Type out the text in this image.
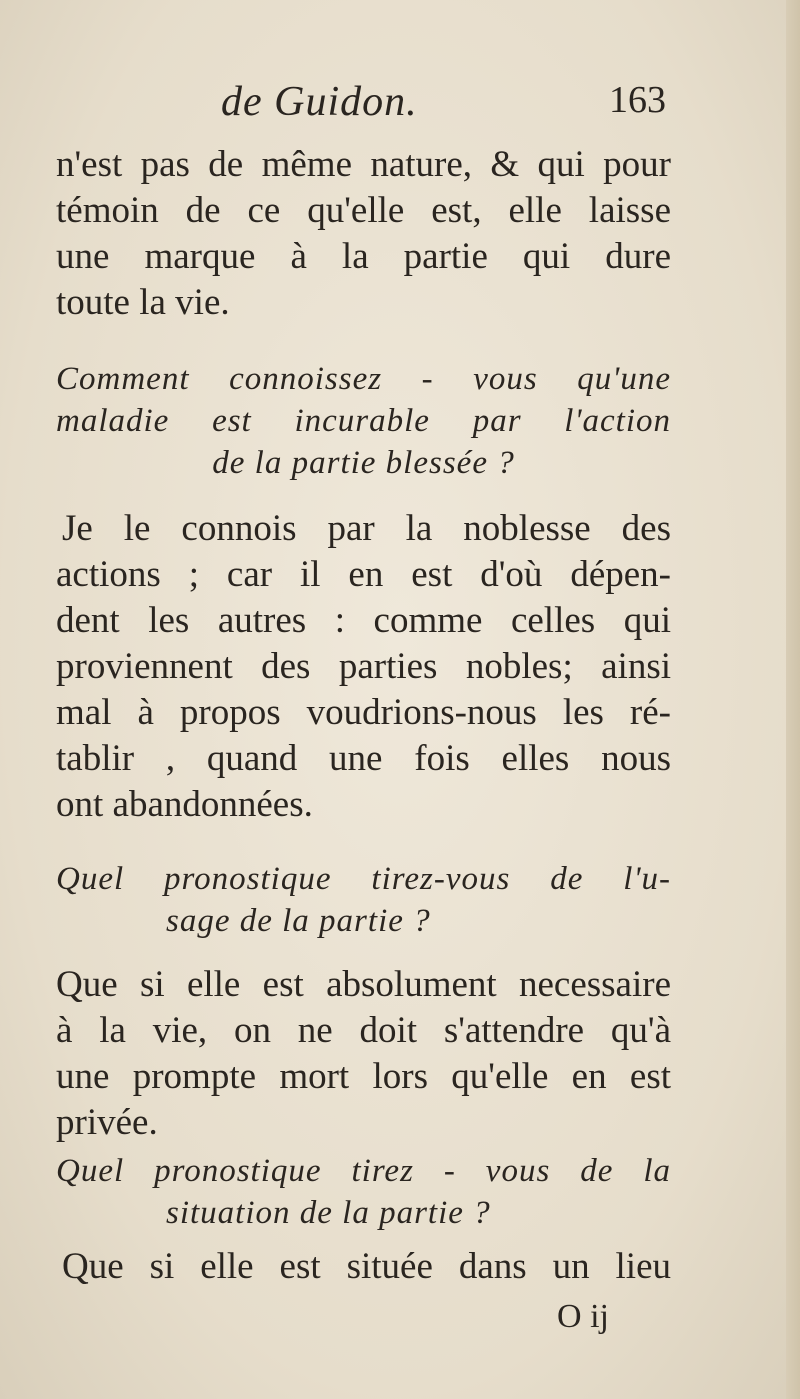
de Guidon.	163
n'est pas de même nature, & qui pour
témoin de ce qu'elle est, elle laisse
une marque à la partie qui dure
toute la vie.
Comment connoissez - vous qu'une
maladie est incurable par l'action
de la partie blessée ?
Je le connois par la noblesse des
actions ; car il en est d'où dépen-
dent les autres : comme celles qui
proviennent des parties nobles; ainsi
mal à propos voudrions-nous les ré-
tablir , quand une fois elles nous
ont abandonnées.
Quel pronostique tirez-vous de l'u-
sage de la partie ?
Que si elle est absolument necessaire
à la vie, on ne doit s'attendre qu'à
une prompte mort lors qu'elle en est
privée.
Quel pronostique tirez - vous de la
situation de la partie ?
Que si elle est située dans un lieu
O ij
